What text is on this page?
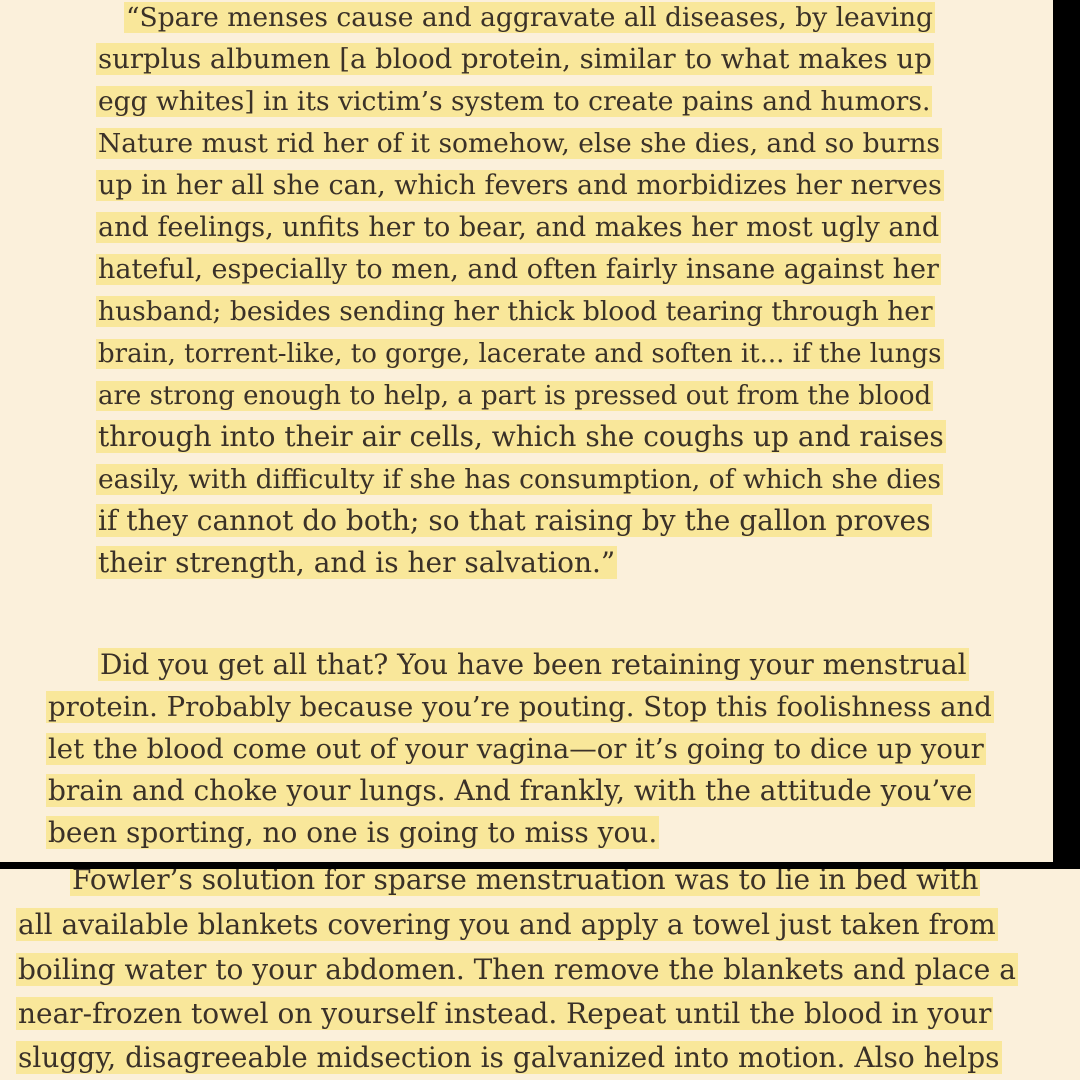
“Spare menses cause and aggravate all diseases, by leaving

surplus albumen [a blood protein, similar to what makes up

egg whites] in its victim’s system to create pains and humors.

Nature must rid her of it somehow, else she dies, and so burns

up in her all she can, which fevers and morbidizes her nerves

and feelings, unfits her to bear, and makes her most ugly and

hateful, especially to men, and often fairly insane against her

husband; besides sending her thick blood tearing through her

brain, torrent-like, to gorge, lacerate and soften it... if the lungs

are strong enough to help, a part is pressed out from the blood

through into their air cells, which she coughs up and raises

easily, with difficulty if she has consumption, of which she dies

if they cannot do both; so that raising by the gallon proves

their strength, and is her salvation.”

Did you get all that? You have been retaining your menstrual

protein. Probably because you’re pouting. Stop this foolishness and

let the blood come out of your vagina—or it’s going to dice up your

brain and choke your lungs. And frankly, with the attitude you’ve

been sporting, no one is going to miss you.

Fowler’s solution for sparse menstruation was to lie in bed with

all available blankets covering you and apply a towel just taken from

boiling water to your abdomen. Then remove the blankets and place a

near-frozen towel on yourself instead. Repeat until the blood in your

sluggy, disagreeable midsection is galvanized into motion. Also helps
